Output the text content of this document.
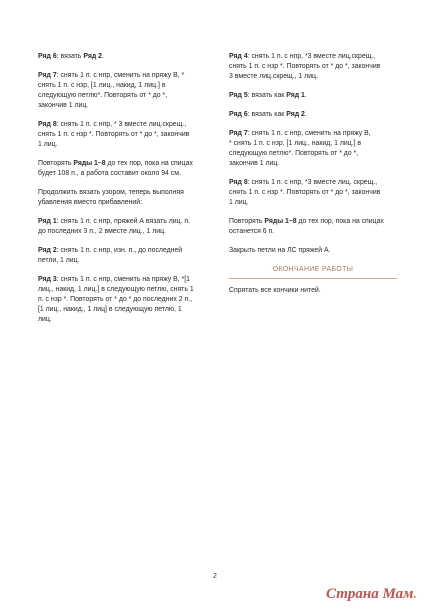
Ряд 6: вязать Ряд 2.
Ряд 7: снять 1 п. с нпр, сменить на пряжу В, *
снять 1 п. с нзр, [1 лиц., накид, 1 лиц.] в
следующую петлю*. Повторять от * до *,
закончив 1 лиц.
Ряд 8: снять 1 п. с нпр, * 3 вместе лиц.скрещ.,
снять 1 п. с нзр *. Повторять от * до *, закончив
1 лиц.
Повторять Ряды 1–8 до тех пор, пока на спицах
будет 108 п., а работа составит около 94 см.
Продолжить вязать узором, теперь выполняя
убавления вместо прибавлений:
Ряд 1: снять 1 п. с нпр, пряжей А вязать лиц. п.
до последних 3 п., 2 вместе лиц., 1 лиц.
Ряд 2: снять 1 п. с нпр, изн. п., до последней
петли, 1 лиц.
Ряд 3: снять 1 п. с нпр, сменить на пряжу В, *[1
лиц., накид, 1 лиц.] в следующую петлю, снять 1
п. с нзр *. Повторять от * до * до последних 2 п.,
[1 лиц., накид., 1 лиц] в следующую петлю, 1
лиц.
Ряд 4: снять 1 п. с нпр, *3 вместе лиц.скрещ.,
снять 1 п. с нзр *. Повторять от * до *, закончив
3 вместе лиц.скрещ., 1 лиц.
Ряд 5: вязать как Ряд 1.
Ряд 6: вязать как Ряд 2.
Ряд 7: снять 1 п. с нпр, сменить на пряжу В,
* снять 1 п. с нзр, [1 лиц., накид, 1 лиц.] в
следующую петлю*. Повторять от * до *,
закончив 1 лиц.
Ряд 8: снять 1 п. с нпр, *3 вместе лиц. скрещ.,
снять 1 п. с нзр *. Повторять от * до *, закончив
1 лиц.
Повторять Ряды 1–8 до тех пор, пока на спицах
останется 6 п.
Закрыть петли на ЛС пряжей А.
ОКОНЧАНИЕ РАБОТЫ
Спрятать все кончики нитей.
2
Страна Мам.
